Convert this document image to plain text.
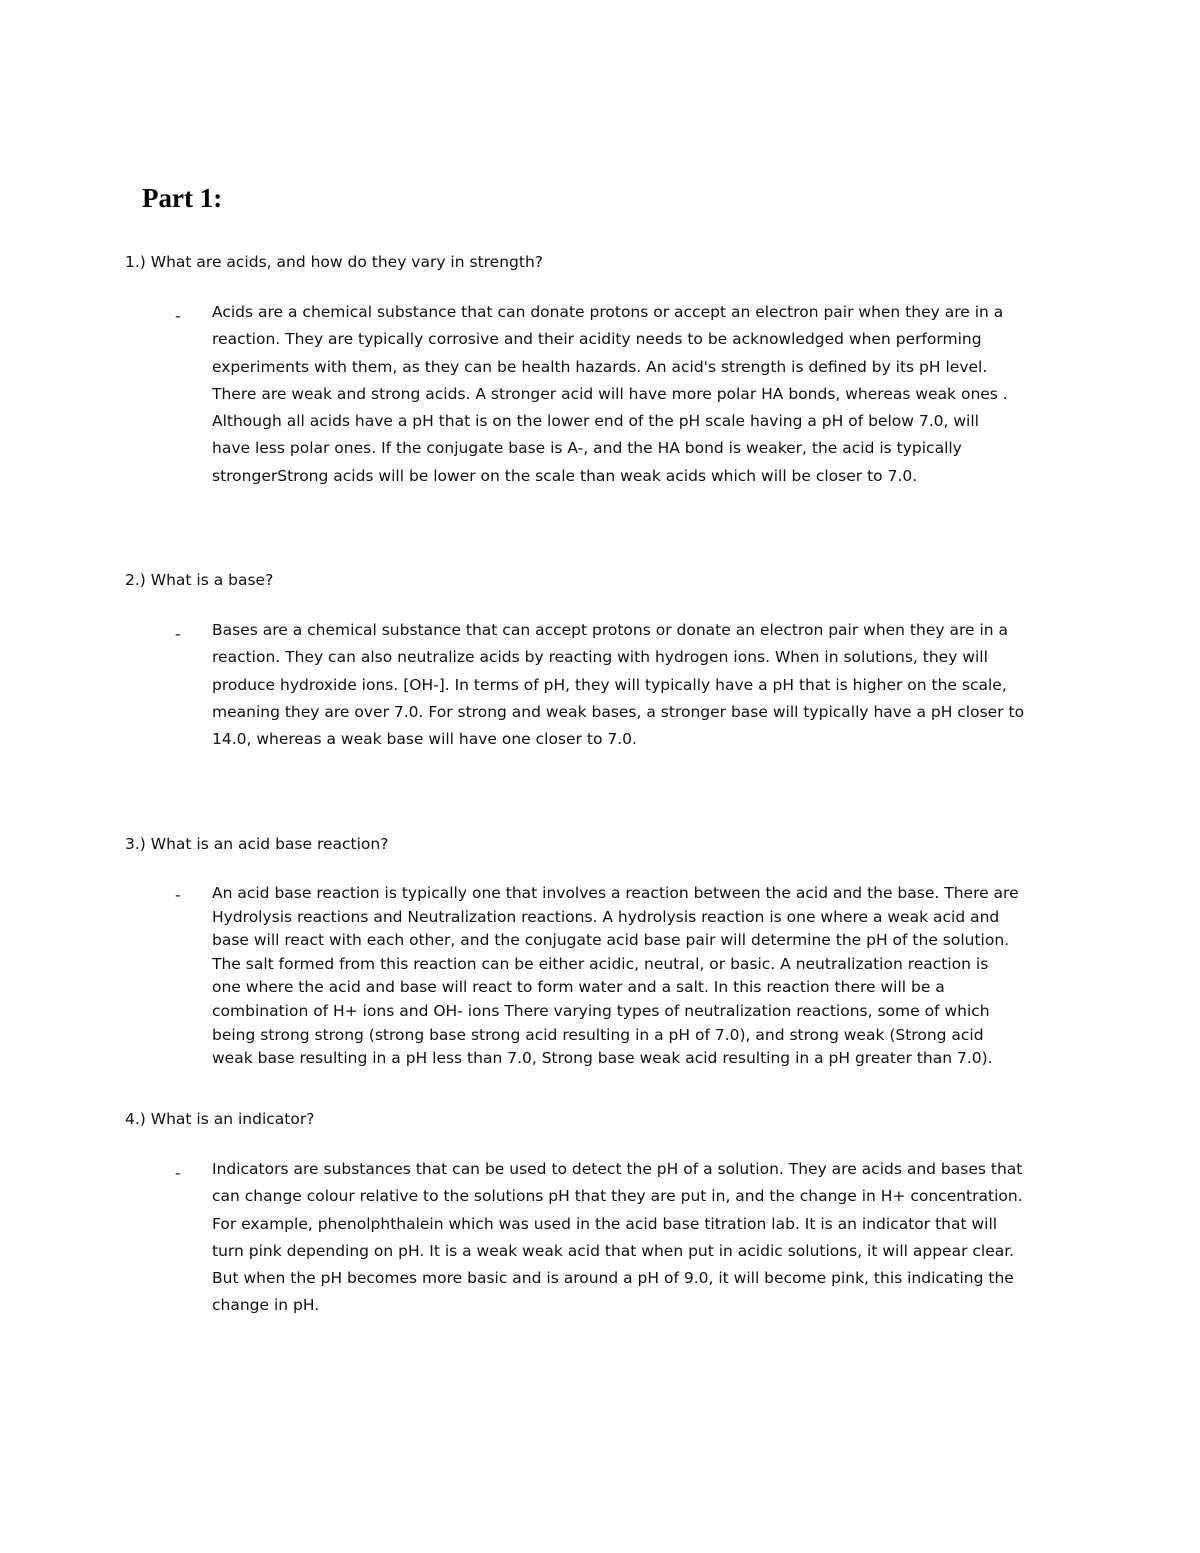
Part 1:

1.) What are acids, and how do they vary in strength?

- Acids are a chemical substance that can donate protons or accept an electron pair when they are in a
reaction. They are typically corrosive and their acidity needs to be acknowledged when performing
experiments with them, as they can be health hazards. An acid's strength is defined by its pH level.
There are weak and strong acids. A stronger acid will have more polar HA bonds, whereas weak ones .
Although all acids have a pH that is on the lower end of the pH scale having a pH of below 7.0, will
have less polar ones. If the conjugate base is A-, and the HA bond is weaker, the acid is typically
strongerStrong acids will be lower on the scale than weak acids which will be closer to 7.0.

2.) What is a base?

- Bases are a chemical substance that can accept protons or donate an electron pair when they are in a
reaction. They can also neutralize acids by reacting with hydrogen ions. When in solutions, they will
produce hydroxide ions. [OH-]. In terms of pH, they will typically have a pH that is higher on the scale,
meaning they are over 7.0. For strong and weak bases, a stronger base will typically have a pH closer to
14.0, whereas a weak base will have one closer to 7.0.

3.) What is an acid base reaction?

- An acid base reaction is typically one that involves a reaction between the acid and the base. There are
Hydrolysis reactions and Neutralization reactions. A hydrolysis reaction is one where a weak acid and
base will react with each other, and the conjugate acid base pair will determine the pH of the solution.
The salt formed from this reaction can be either acidic, neutral, or basic. A neutralization reaction is
one where the acid and base will react to form water and a salt. In this reaction there will be a
combination of H+ ions and OH- ions There varying types of neutralization reactions, some of which
being strong strong (strong base strong acid resulting in a pH of 7.0), and strong weak (Strong acid
weak base resulting in a pH less than 7.0, Strong base weak acid resulting in a pH greater than 7.0).

4.) What is an indicator?

- Indicators are substances that can be used to detect the pH of a solution. They are acids and bases that
can change colour relative to the solutions pH that they are put in, and the change in H+ concentration.
For example, phenolphthalein which was used in the acid base titration lab. It is an indicator that will
turn pink depending on pH. It is a weak weak acid that when put in acidic solutions, it will appear clear.
But when the pH becomes more basic and is around a pH of 9.0, it will become pink, this indicating the
change in pH.
